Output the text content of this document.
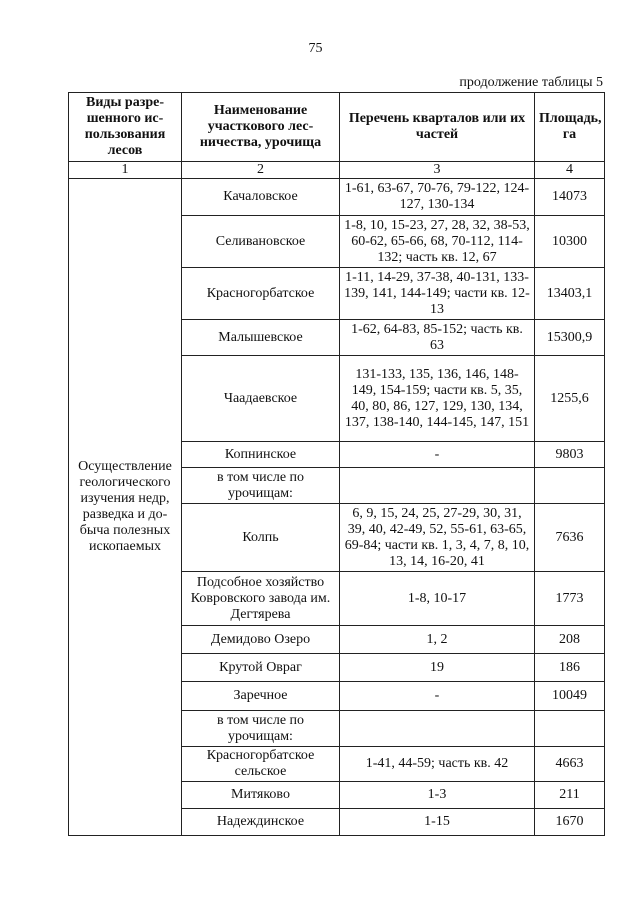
75
продолжение таблицы 5
Виды разре-шенного ис-пользования лесов	Наименование участкового лес-ничества, урочища	Перечень кварталов или их частей	Площадь, га
1	2	3	4
Осуществление геологического изучения недр, разведка и до-быча полезных ископаемых	Качаловское	1-61, 63-67, 70-76, 79-122, 124-127, 130-134	14073
	Селивановское	1-8, 10, 15-23, 27, 28, 32, 38-53, 60-62, 65-66, 68, 70-112, 114-132; часть кв. 12, 67	10300
	Красногорбатское	1-11, 14-29, 37-38, 40-131, 133-139, 141, 144-149; части кв. 12-13	13403,1
	Малышевское	1-62, 64-83, 85-152; часть кв. 63	15300,9
	Чаадаевское	131-133, 135, 136, 146, 148-149, 154-159; части кв. 5, 35, 40, 80, 86, 127, 129, 130, 134, 137, 138-140, 144-145, 147, 151	1255,6
	Копнинское	-	9803
	в том числе по урочищам:		
	Колпь	6, 9, 15, 24, 25, 27-29, 30, 31, 39, 40, 42-49, 52, 55-61, 63-65, 69-84; части кв. 1, 3, 4, 7, 8, 10, 13, 14, 16-20, 41	7636
	Подсобное хозяйство Ковровского завода им. Дегтярева	1-8, 10-17	1773
	Демидово Озеро	1, 2	208
	Крутой Овраг	19	186
	Заречное	-	10049
	в том числе по урочищам:		
	Красногорбатское сельское	1-41, 44-59; часть кв. 42	4663
	Митяково	1-3	211
	Надеждинское	1-15	1670
